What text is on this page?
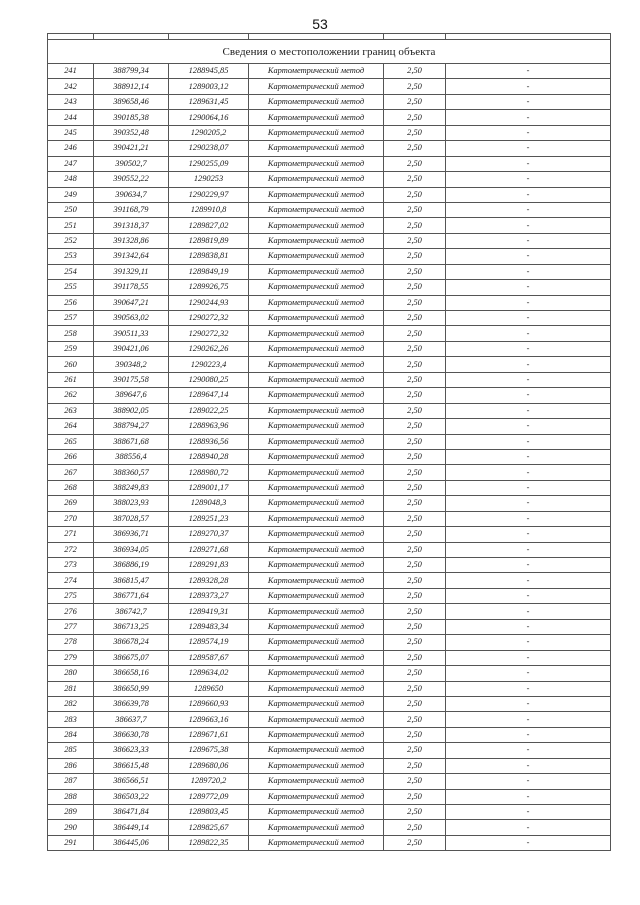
53

Сведения о местоположении границ объекта					
241	388799,34	1288945,85	Картометрический метод	2,50	-
242	388912,14	1289003,12	Картометрический метод	2,50	-
243	389658,46	1289631,45	Картометрический метод	2,50	-
244	390185,38	1290064,16	Картометрический метод	2,50	-
245	390352,48	1290205,2	Картометрический метод	2,50	-
246	390421,21	1290238,07	Картометрический метод	2,50	-
247	390502,7	1290255,09	Картометрический метод	2,50	-
248	390552,22	1290253	Картометрический метод	2,50	-
249	390634,7	1290229,97	Картометрический метод	2,50	-
250	391168,79	1289910,8	Картометрический метод	2,50	-
251	391318,37	1289827,02	Картометрический метод	2,50	-
252	391328,86	1289819,89	Картометрический метод	2,50	-
253	391342,64	1289838,81	Картометрический метод	2,50	-
254	391329,11	1289849,19	Картометрический метод	2,50	-
255	391178,55	1289926,75	Картометрический метод	2,50	-
256	390647,21	1290244,93	Картометрический метод	2,50	-
257	390563,02	1290272,32	Картометрический метод	2,50	-
258	390511,33	1290272,32	Картометрический метод	2,50	-
259	390421,06	1290262,26	Картометрический метод	2,50	-
260	390348,2	1290223,4	Картометрический метод	2,50	-
261	390175,58	1290080,25	Картометрический метод	2,50	-
262	389647,6	1289647,14	Картометрический метод	2,50	-
263	388902,05	1289022,25	Картометрический метод	2,50	-
264	388794,27	1288963,96	Картометрический метод	2,50	-
265	388671,68	1288936,56	Картометрический метод	2,50	-
266	388556,4	1288940,28	Картометрический метод	2,50	-
267	388360,57	1288980,72	Картометрический метод	2,50	-
268	388249,83	1289001,17	Картометрический метод	2,50	-
269	388023,93	1289048,3	Картометрический метод	2,50	-
270	387028,57	1289251,23	Картометрический метод	2,50	-
271	386936,71	1289270,37	Картометрический метод	2,50	-
272	386934,05	1289271,68	Картометрический метод	2,50	-
273	386886,19	1289291,83	Картометрический метод	2,50	-
274	386815,47	1289328,28	Картометрический метод	2,50	-
275	386771,64	1289373,27	Картометрический метод	2,50	-
276	386742,7	1289419,31	Картометрический метод	2,50	-
277	386713,25	1289483,34	Картометрический метод	2,50	-
278	386678,24	1289574,19	Картометрический метод	2,50	-
279	386675,07	1289587,67	Картометрический метод	2,50	-
280	386658,16	1289634,02	Картометрический метод	2,50	-
281	386650,99	1289650	Картометрический метод	2,50	-
282	386639,78	1289660,93	Картометрический метод	2,50	-
283	386637,7	1289663,16	Картометрический метод	2,50	-
284	386630,78	1289671,61	Картометрический метод	2,50	-
285	386623,33	1289675,38	Картометрический метод	2,50	-
286	386615,48	1289680,06	Картометрический метод	2,50	-
287	386566,51	1289720,2	Картометрический метод	2,50	-
288	386503,22	1289772,09	Картометрический метод	2,50	-
289	386471,84	1289803,45	Картометрический метод	2,50	-
290	386449,14	1289825,67	Картометрический метод	2,50	-
291	386445,06	1289822,35	Картометрический метод	2,50	-
